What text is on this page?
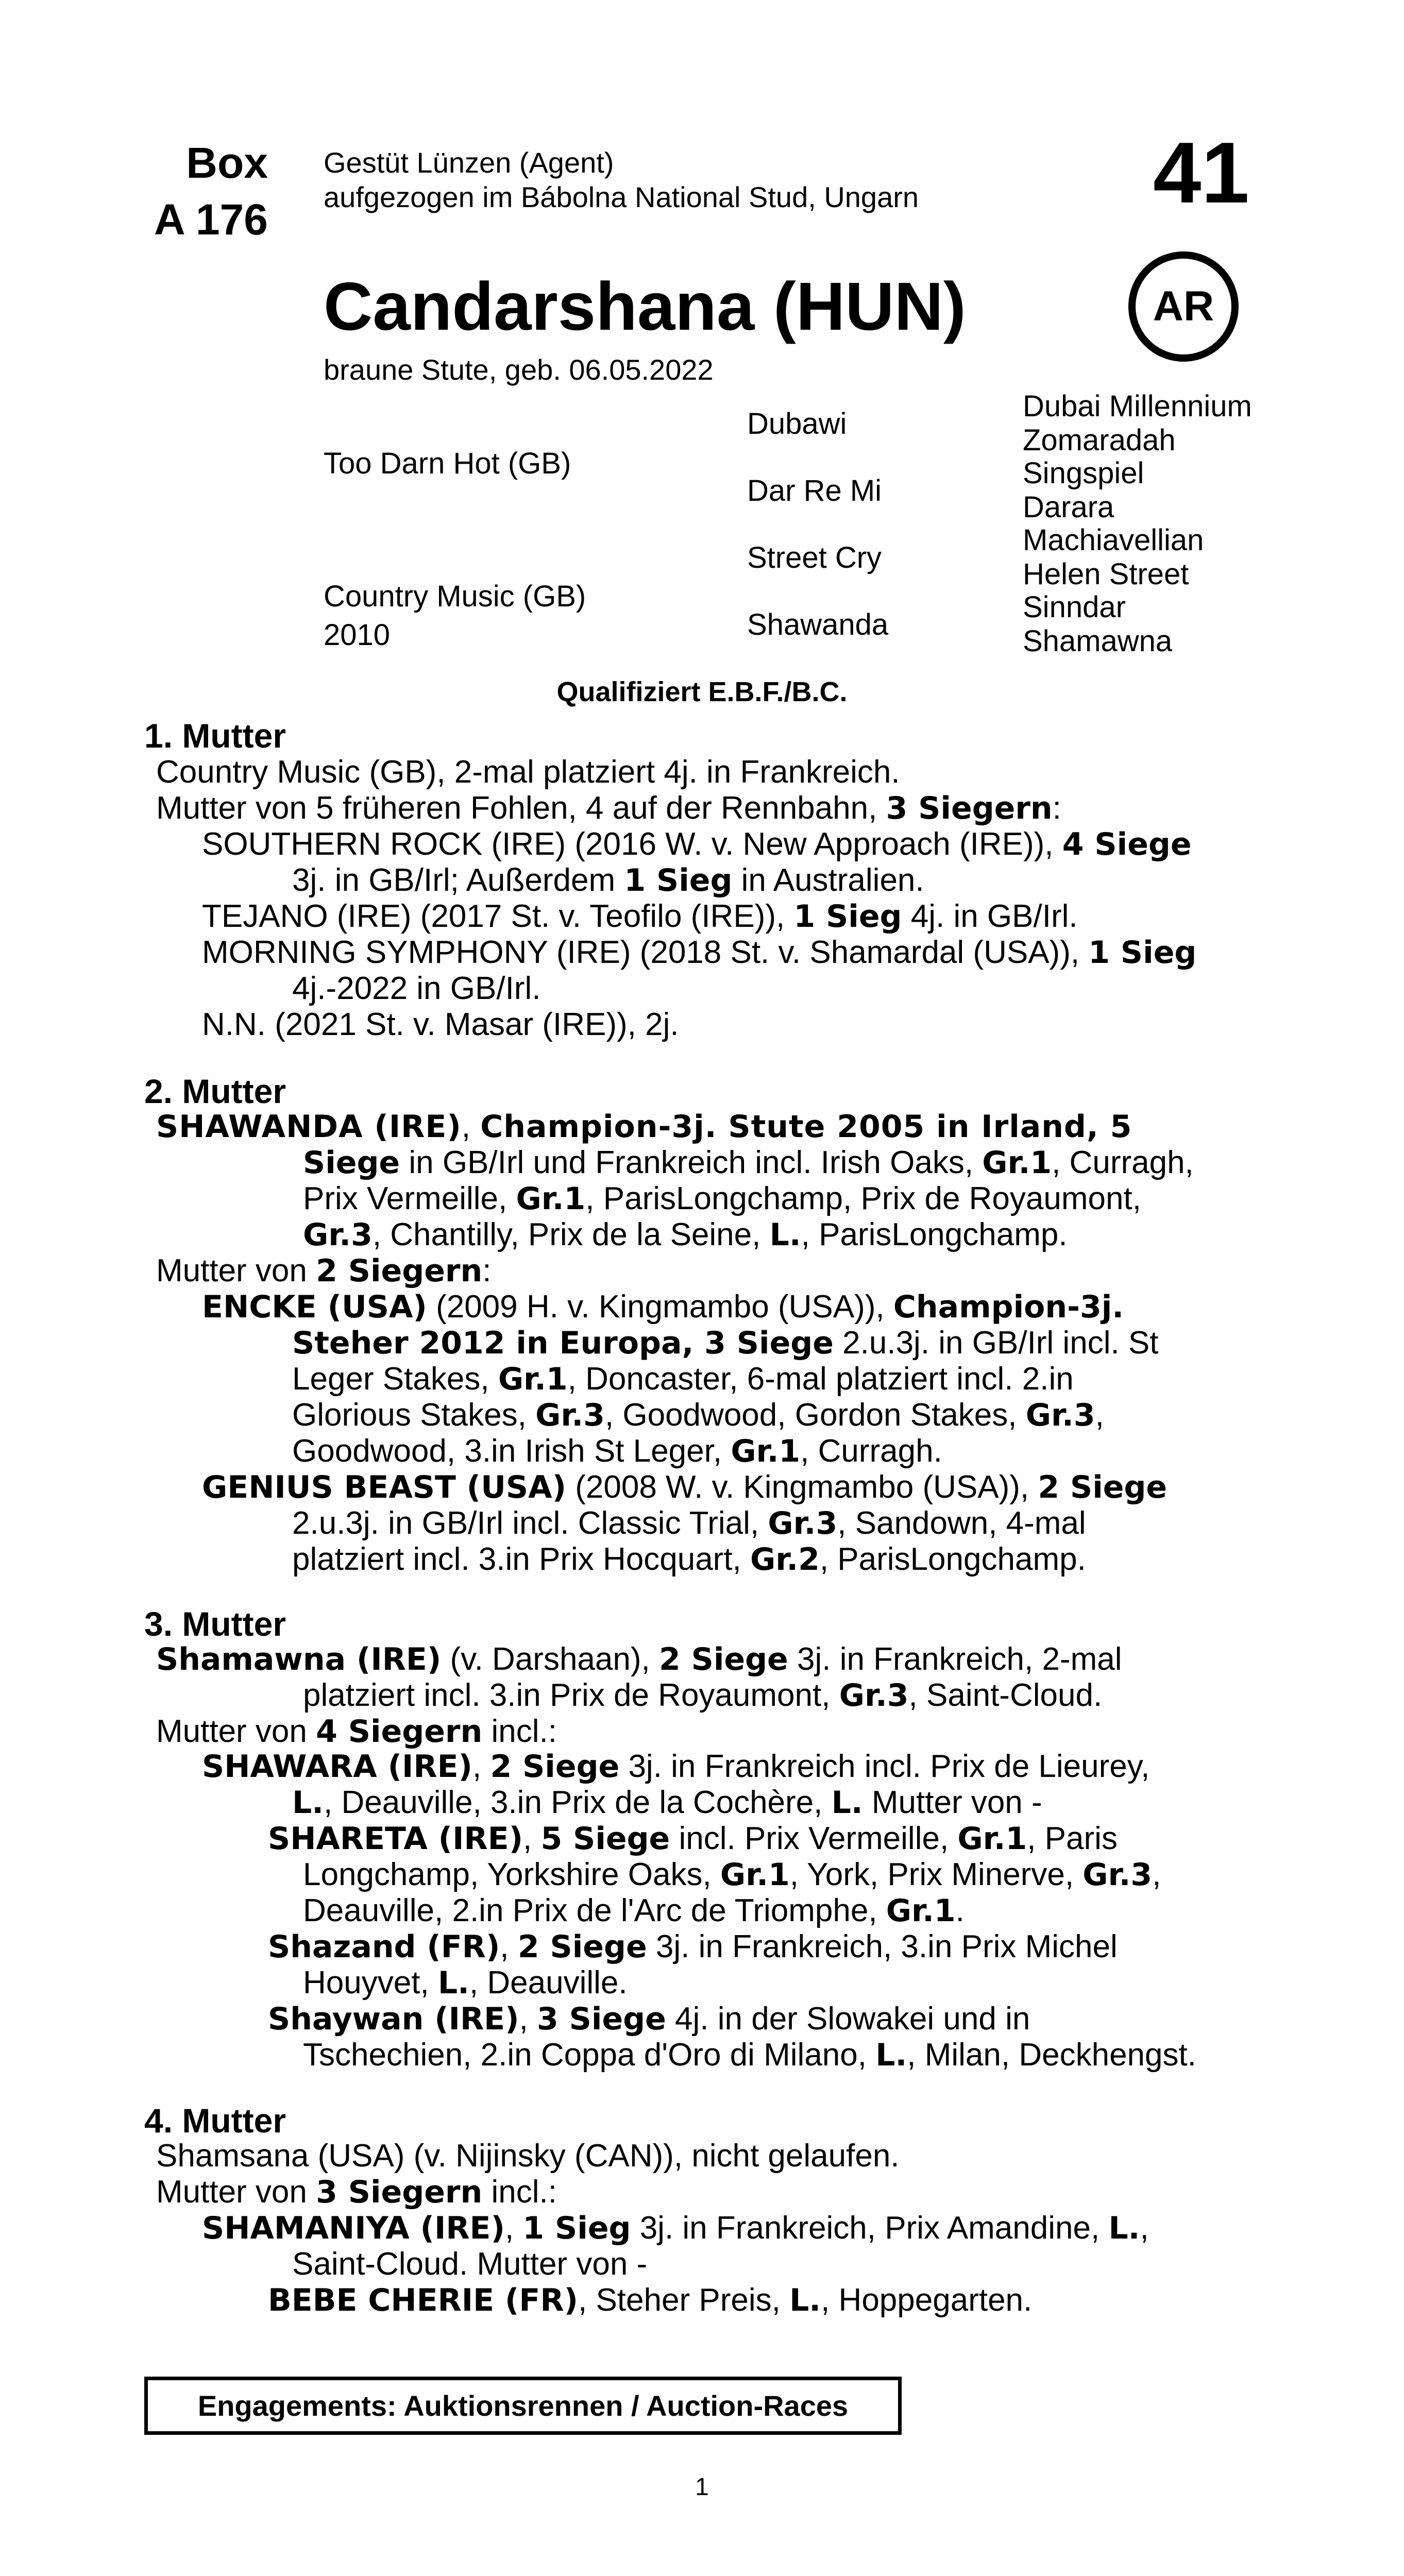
Box
A 176
Gestüt Lünzen (Agent)
aufgezogen im Bábolna National Stud, Ungarn	41
Candarshana (HUN)	AR
braune Stute, geb. 06.05.2022
Too Darn Hot (GB)
Country Music (GB)
2010
Dubawi
Dar Re Mi
Street Cry
Shawanda
Dubai Millennium
Zomaradah
Singspiel
Darara
Machiavellian
Helen Street
Sinndar
Shamawna
Qualifiziert E.B.F./B.C.
1. Mutter
Country Music (GB), 2-mal platziert 4j. in Frankreich.
Mutter von 5 früheren Fohlen, 4 auf der Rennbahn, 3 Siegern:
SOUTHERN ROCK (IRE) (2016 W. v. New Approach (IRE)), 4 Siege
3j. in GB/Irl; Außerdem 1 Sieg in Australien.
TEJANO (IRE) (2017 St. v. Teofilo (IRE)), 1 Sieg 4j. in GB/Irl.
MORNING SYMPHONY (IRE) (2018 St. v. Shamardal (USA)), 1 Sieg
4j.-2022 in GB/Irl.
N.N. (2021 St. v. Masar (IRE)), 2j.
2. Mutter
SHAWANDA (IRE), Champion-3j. Stute 2005 in Irland, 5
Siege in GB/Irl und Frankreich incl. Irish Oaks, Gr.1, Curragh,
Prix Vermeille, Gr.1, ParisLongchamp, Prix de Royaumont,
Gr.3, Chantilly, Prix de la Seine, L., ParisLongchamp.
Mutter von 2 Siegern:
ENCKE (USA) (2009 H. v. Kingmambo (USA)), Champion-3j.
Steher 2012 in Europa, 3 Siege 2.u.3j. in GB/Irl incl. St
Leger Stakes, Gr.1, Doncaster, 6-mal platziert incl. 2.in
Glorious Stakes, Gr.3, Goodwood, Gordon Stakes, Gr.3,
Goodwood, 3.in Irish St Leger, Gr.1, Curragh.
GENIUS BEAST (USA) (2008 W. v. Kingmambo (USA)), 2 Siege
2.u.3j. in GB/Irl incl. Classic Trial, Gr.3, Sandown, 4-mal
platziert incl. 3.in Prix Hocquart, Gr.2, ParisLongchamp.
3. Mutter
Shamawna (IRE) (v. Darshaan), 2 Siege 3j. in Frankreich, 2-mal
platziert incl. 3.in Prix de Royaumont, Gr.3, Saint-Cloud.
Mutter von 4 Siegern incl.:
SHAWARA (IRE), 2 Siege 3j. in Frankreich incl. Prix de Lieurey,
L., Deauville, 3.in Prix de la Cochère, L. Mutter von -
SHARETA (IRE), 5 Siege incl. Prix Vermeille, Gr.1, Paris
Longchamp, Yorkshire Oaks, Gr.1, York, Prix Minerve, Gr.3,
Deauville, 2.in Prix de l'Arc de Triomphe, Gr.1.
Shazand (FR), 2 Siege 3j. in Frankreich, 3.in Prix Michel
Houyvet, L., Deauville.
Shaywan (IRE), 3 Siege 4j. in der Slowakei und in
Tschechien, 2.in Coppa d'Oro di Milano, L., Milan, Deckhengst.
4. Mutter
Shamsana (USA) (v. Nijinsky (CAN)), nicht gelaufen.
Mutter von 3 Siegern incl.:
SHAMANIYA (IRE), 1 Sieg 3j. in Frankreich, Prix Amandine, L.,
Saint-Cloud. Mutter von -
BEBE CHERIE (FR), Steher Preis, L., Hoppegarten.
Engagements: Auktionsrennen / Auction-Races
1
